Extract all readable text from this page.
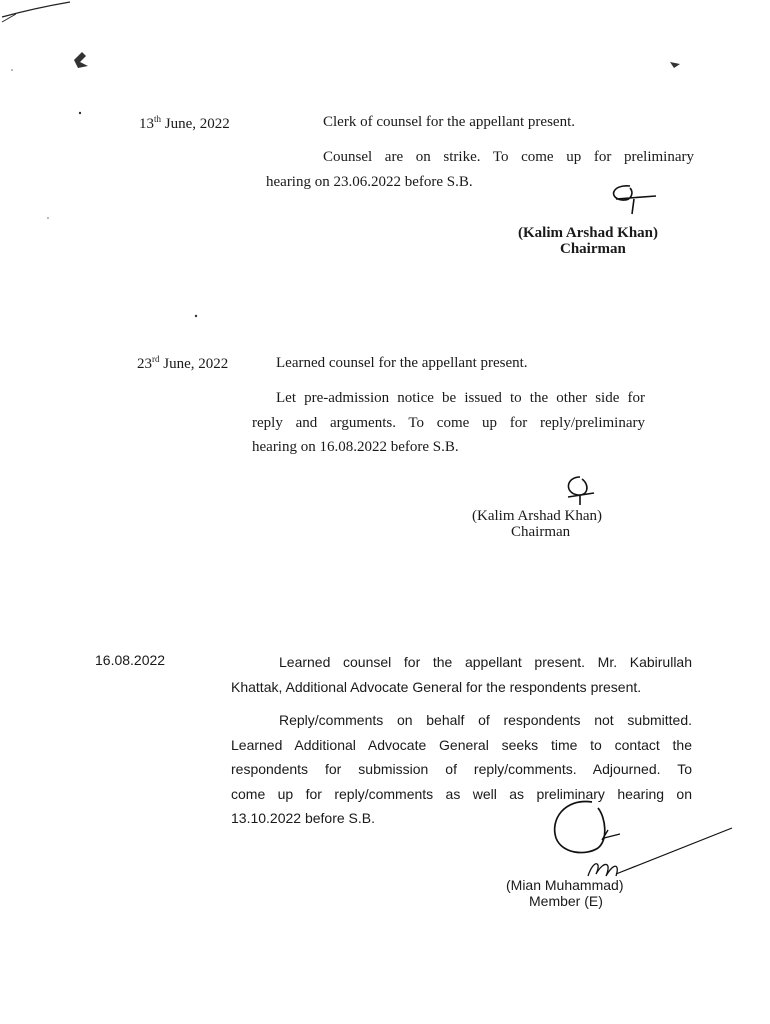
13th June, 2022	Clerk of counsel for the appellant present.
Counsel are on strike. To come up for preliminary
hearing on 23.06.2022 before S.B.
(Kalim Arshad Khan)
Chairman
23rd June, 2022	Learned counsel for the appellant present.
Let pre-admission notice be issued to the other side for
reply and arguments. To come up for reply/preliminary
hearing on 16.08.2022 before S.B.
(Kalim Arshad Khan)
Chairman
16.08.2022	Learned counsel for the appellant present. Mr. Kabirullah
Khattak, Additional Advocate General for the respondents present.
Reply/comments on behalf of respondents not submitted.
Learned Additional Advocate General seeks time to contact the
respondents for submission of reply/comments. Adjourned. To
come up for reply/comments as well as preliminary hearing on
13.10.2022 before S.B.
(Mian Muhammad)
Member (E)
